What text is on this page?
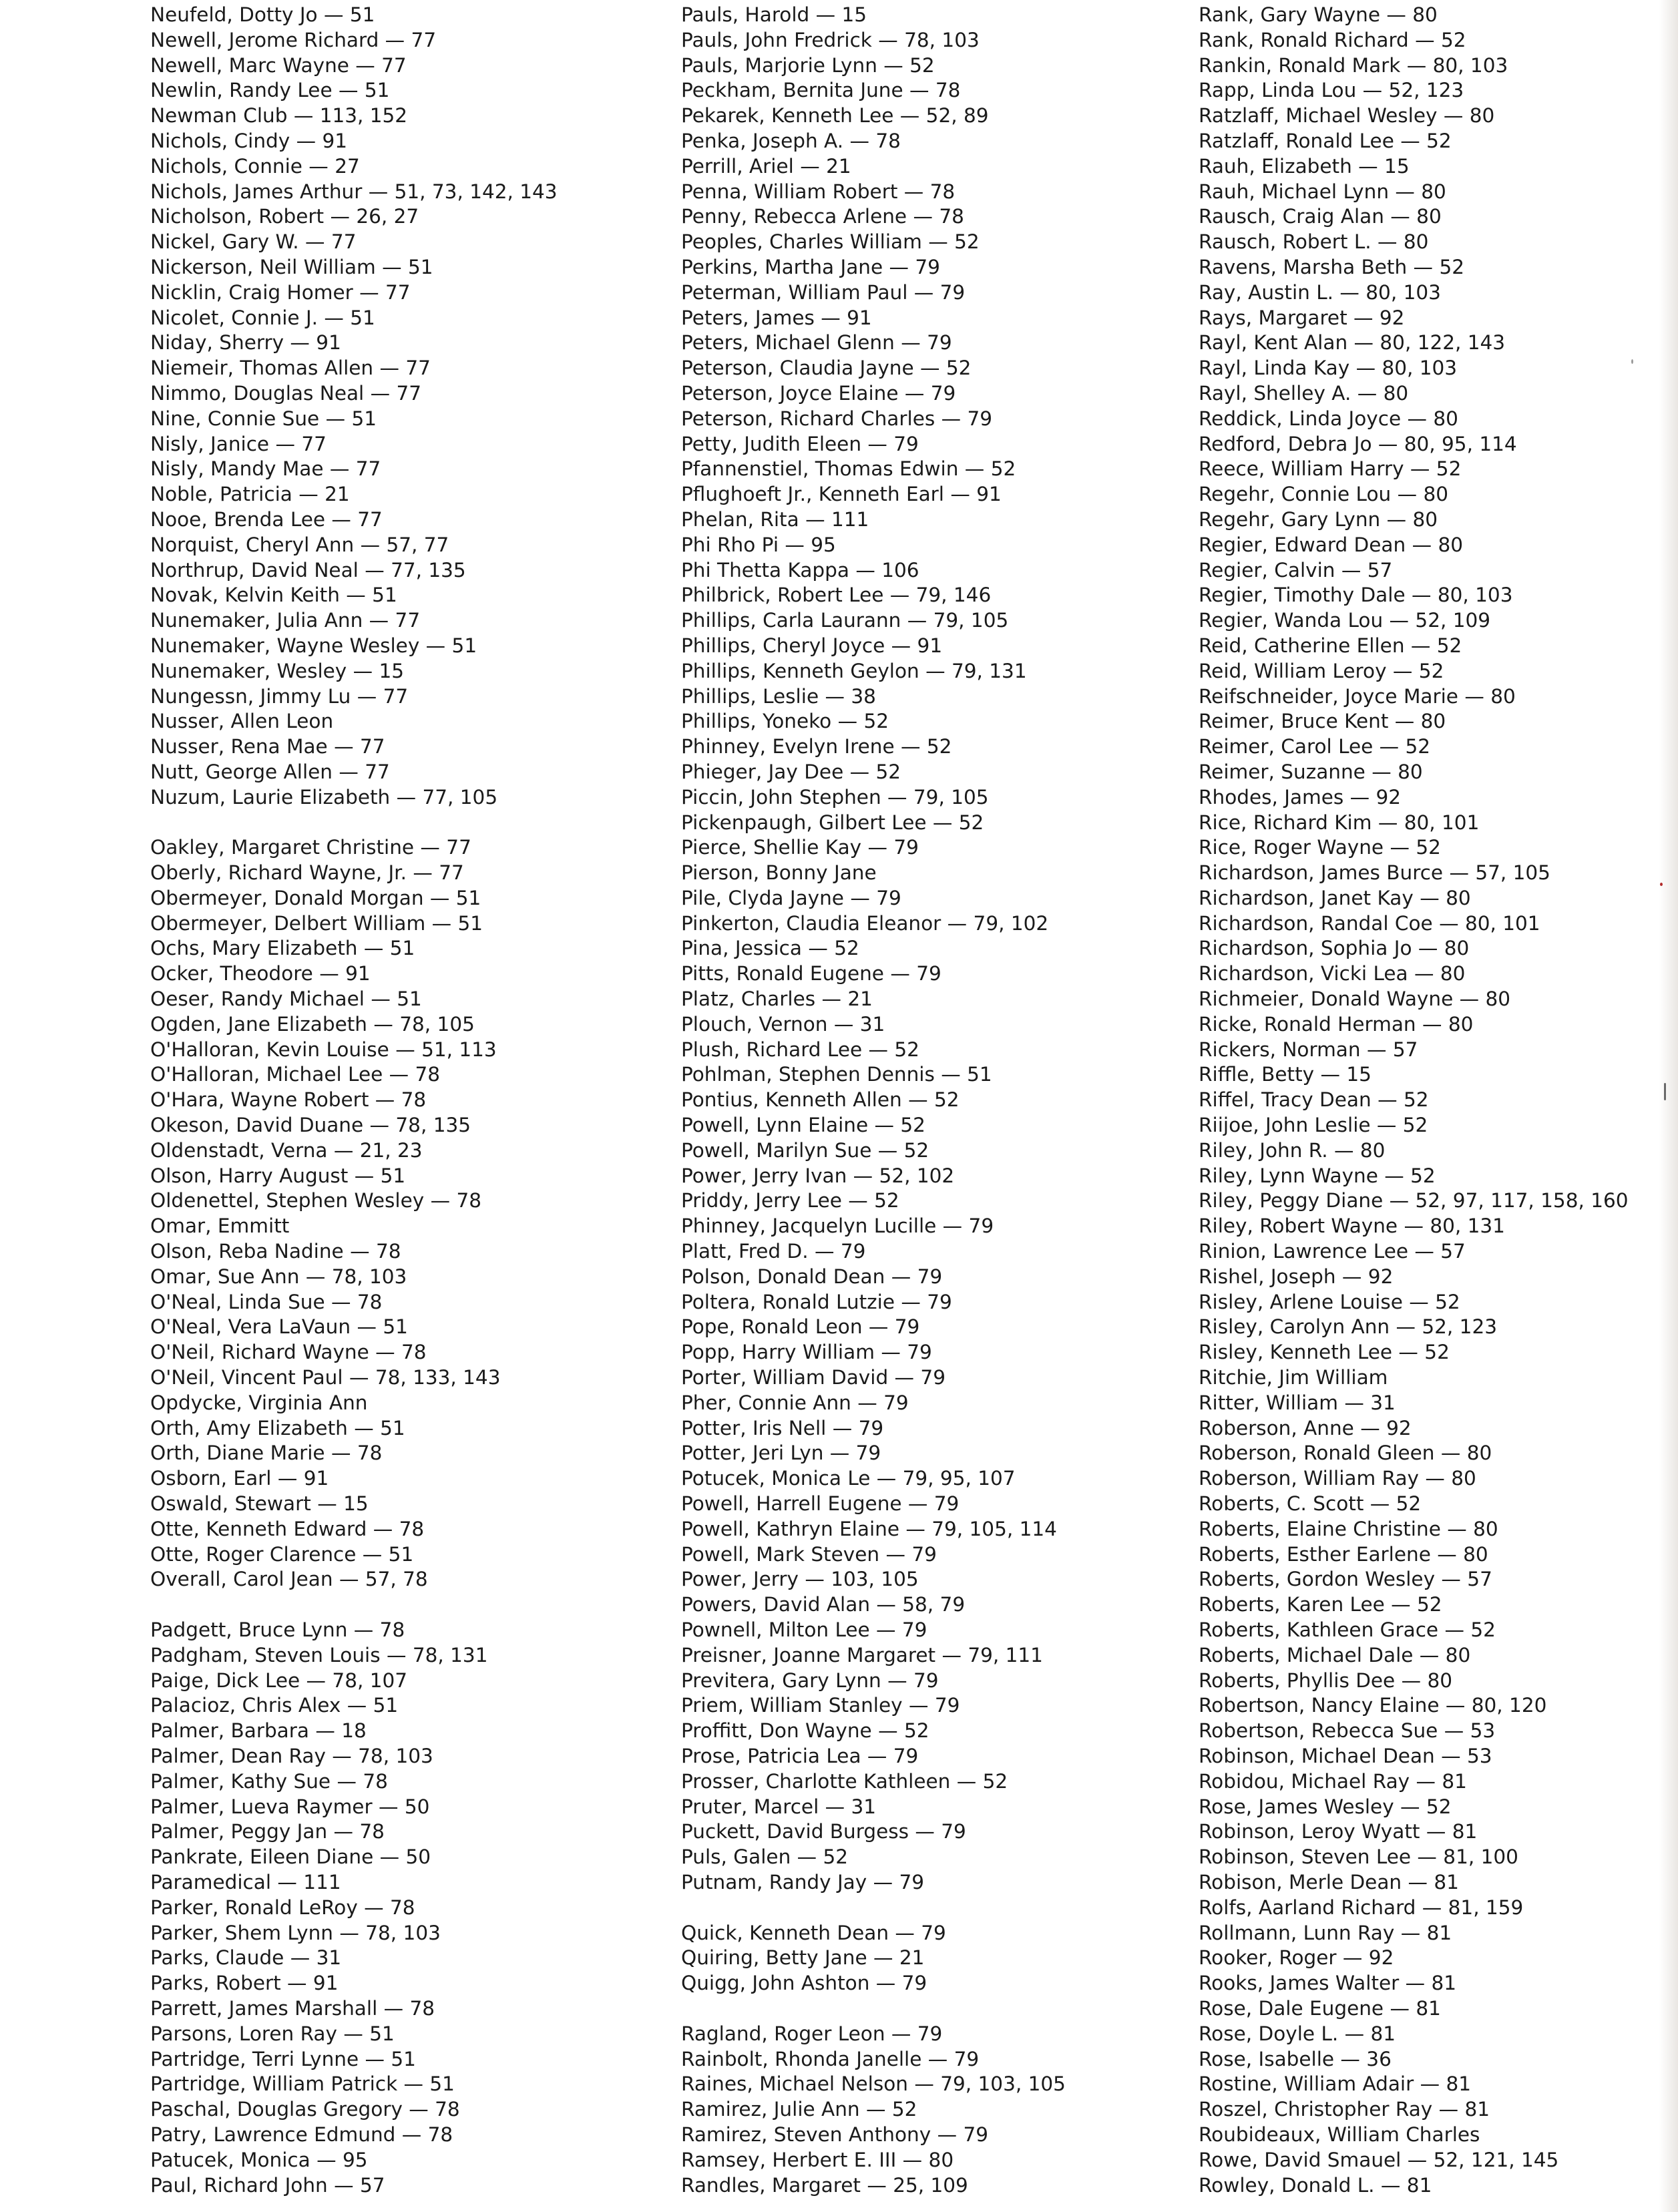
Neufeld, Dotty Jo — 51
Newell, Jerome Richard — 77
Newell, Marc Wayne — 77
Newlin, Randy Lee — 51
Newman Club — 113, 152
Nichols, Cindy — 91
Nichols, Connie — 27
Nichols, James Arthur — 51, 73, 142, 143
Nicholson, Robert — 26, 27
Nickel, Gary W. — 77
Nickerson, Neil William — 51
Nicklin, Craig Homer — 77
Nicolet, Connie J. — 51
Niday, Sherry — 91
Niemeir, Thomas Allen — 77
Nimmo, Douglas Neal — 77
Nine, Connie Sue — 51
Nisly, Janice — 77
Nisly, Mandy Mae — 77
Noble, Patricia — 21
Nooe, Brenda Lee — 77
Norquist, Cheryl Ann — 57, 77
Northrup, David Neal — 77, 135
Novak, Kelvin Keith — 51
Nunemaker, Julia Ann — 77
Nunemaker, Wayne Wesley — 51
Nunemaker, Wesley — 15
Nungessn, Jimmy Lu — 77
Nusser, Allen Leon
Nusser, Rena Mae — 77
Nutt, George Allen — 77
Nuzum, Laurie Elizabeth — 77, 105
Oakley, Margaret Christine — 77
Oberly, Richard Wayne, Jr. — 77
Obermeyer, Donald Morgan — 51
Obermeyer, Delbert William — 51
Ochs, Mary Elizabeth — 51
Ocker, Theodore — 91
Oeser, Randy Michael — 51
Ogden, Jane Elizabeth — 78, 105
O'Halloran, Kevin Louise — 51, 113
O'Halloran, Michael Lee — 78
O'Hara, Wayne Robert — 78
Okeson, David Duane — 78, 135
Oldenstadt, Verna — 21, 23
Olson, Harry August — 51
Oldenettel, Stephen Wesley — 78
Omar, Emmitt
Olson, Reba Nadine — 78
Omar, Sue Ann — 78, 103
O'Neal, Linda Sue — 78
O'Neal, Vera LaVaun — 51
O'Neil, Richard Wayne — 78
O'Neil, Vincent Paul — 78, 133, 143
Opdycke, Virginia Ann
Orth, Amy Elizabeth — 51
Orth, Diane Marie — 78
Osborn, Earl — 91
Oswald, Stewart — 15
Otte, Kenneth Edward — 78
Otte, Roger Clarence — 51
Overall, Carol Jean — 57, 78
Padgett, Bruce Lynn — 78
Padgham, Steven Louis — 78, 131
Paige, Dick Lee — 78, 107
Palacioz, Chris Alex — 51
Palmer, Barbara — 18
Palmer, Dean Ray — 78, 103
Palmer, Kathy Sue — 78
Palmer, Lueva Raymer — 50
Palmer, Peggy Jan — 78
Pankrate, Eileen Diane — 50
Paramedical — 111
Parker, Ronald LeRoy — 78
Parker, Shem Lynn — 78, 103
Parks, Claude — 31
Parks, Robert — 91
Parrett, James Marshall — 78
Parsons, Loren Ray — 51
Partridge, Terri Lynne — 51
Partridge, William Patrick — 51
Paschal, Douglas Gregory — 78
Patry, Lawrence Edmund — 78
Patucek, Monica — 95
Paul, Richard John — 57
Pauls, Harold — 15
Pauls, John Fredrick — 78, 103
Pauls, Marjorie Lynn — 52
Peckham, Bernita June — 78
Pekarek, Kenneth Lee — 52, 89
Penka, Joseph A. — 78
Perrill, Ariel — 21
Penna, William Robert — 78
Penny, Rebecca Arlene — 78
Peoples, Charles William — 52
Perkins, Martha Jane — 79
Peterman, William Paul — 79
Peters, James — 91
Peters, Michael Glenn — 79
Peterson, Claudia Jayne — 52
Peterson, Joyce Elaine — 79
Peterson, Richard Charles — 79
Petty, Judith Eleen — 79
Pfannenstiel, Thomas Edwin — 52
Pflughoeft Jr., Kenneth Earl — 91
Phelan, Rita — 111
Phi Rho Pi — 95
Phi Thetta Kappa — 106
Philbrick, Robert Lee — 79, 146
Phillips, Carla Laurann — 79, 105
Phillips, Cheryl Joyce — 91
Phillips, Kenneth Geylon — 79, 131
Phillips, Leslie — 38
Phillips, Yoneko — 52
Phinney, Evelyn Irene — 52
Phieger, Jay Dee — 52
Piccin, John Stephen — 79, 105
Pickenpaugh, Gilbert Lee — 52
Pierce, Shellie Kay — 79
Pierson, Bonny Jane
Pile, Clyda Jayne — 79
Pinkerton, Claudia Eleanor — 79, 102
Pina, Jessica — 52
Pitts, Ronald Eugene — 79
Platz, Charles — 21
Plouch, Vernon — 31
Plush, Richard Lee — 52
Pohlman, Stephen Dennis — 51
Pontius, Kenneth Allen — 52
Powell, Lynn Elaine — 52
Powell, Marilyn Sue — 52
Power, Jerry Ivan — 52, 102
Priddy, Jerry Lee — 52
Phinney, Jacquelyn Lucille — 79
Platt, Fred D. — 79
Polson, Donald Dean — 79
Poltera, Ronald Lutzie — 79
Pope, Ronald Leon — 79
Popp, Harry William — 79
Porter, William David — 79
Pher, Connie Ann — 79
Potter, Iris Nell — 79
Potter, Jeri Lyn — 79
Potucek, Monica Le — 79, 95, 107
Powell, Harrell Eugene — 79
Powell, Kathryn Elaine — 79, 105, 114
Powell, Mark Steven — 79
Power, Jerry — 103, 105
Powers, David Alan — 58, 79
Pownell, Milton Lee — 79
Preisner, Joanne Margaret — 79, 111
Previtera, Gary Lynn — 79
Priem, William Stanley — 79
Proffitt, Don Wayne — 52
Prose, Patricia Lea — 79
Prosser, Charlotte Kathleen — 52
Pruter, Marcel — 31
Puckett, David Burgess — 79
Puls, Galen — 52
Putnam, Randy Jay — 79
Quick, Kenneth Dean — 79
Quiring, Betty Jane — 21
Quigg, John Ashton — 79
Ragland, Roger Leon — 79
Rainbolt, Rhonda Janelle — 79
Raines, Michael Nelson — 79, 103, 105
Ramirez, Julie Ann — 52
Ramirez, Steven Anthony — 79
Ramsey, Herbert E. III — 80
Randles, Margaret — 25, 109
Rank, Gary Wayne — 80
Rank, Ronald Richard — 52
Rankin, Ronald Mark — 80, 103
Rapp, Linda Lou — 52, 123
Ratzlaff, Michael Wesley — 80
Ratzlaff, Ronald Lee — 52
Rauh, Elizabeth — 15
Rauh, Michael Lynn — 80
Rausch, Craig Alan — 80
Rausch, Robert L. — 80
Ravens, Marsha Beth — 52
Ray, Austin L. — 80, 103
Rays, Margaret — 92
Rayl, Kent Alan — 80, 122, 143
Rayl, Linda Kay — 80, 103
Rayl, Shelley A. — 80
Reddick, Linda Joyce — 80
Redford, Debra Jo — 80, 95, 114
Reece, William Harry — 52
Regehr, Connie Lou — 80
Regehr, Gary Lynn — 80
Regier, Edward Dean — 80
Regier, Calvin — 57
Regier, Timothy Dale — 80, 103
Regier, Wanda Lou — 52, 109
Reid, Catherine Ellen — 52
Reid, William Leroy — 52
Reifschneider, Joyce Marie — 80
Reimer, Bruce Kent — 80
Reimer, Carol Lee — 52
Reimer, Suzanne — 80
Rhodes, James — 92
Rice, Richard Kim — 80, 101
Rice, Roger Wayne — 52
Richardson, James Burce — 57, 105
Richardson, Janet Kay — 80
Richardson, Randal Coe — 80, 101
Richardson, Sophia Jo — 80
Richardson, Vicki Lea — 80
Richmeier, Donald Wayne — 80
Ricke, Ronald Herman — 80
Rickers, Norman — 57
Riffle, Betty — 15
Riffel, Tracy Dean — 52
Riijoe, John Leslie — 52
Riley, John R. — 80
Riley, Lynn Wayne — 52
Riley, Peggy Diane — 52, 97, 117, 158, 160
Riley, Robert Wayne — 80, 131
Rinion, Lawrence Lee — 57
Rishel, Joseph — 92
Risley, Arlene Louise — 52
Risley, Carolyn Ann — 52, 123
Risley, Kenneth Lee — 52
Ritchie, Jim William
Ritter, William — 31
Roberson, Anne — 92
Roberson, Ronald Gleen — 80
Roberson, William Ray — 80
Roberts, C. Scott — 52
Roberts, Elaine Christine — 80
Roberts, Esther Earlene — 80
Roberts, Gordon Wesley — 57
Roberts, Karen Lee — 52
Roberts, Kathleen Grace — 52
Roberts, Michael Dale — 80
Roberts, Phyllis Dee — 80
Robertson, Nancy Elaine — 80, 120
Robertson, Rebecca Sue — 53
Robinson, Michael Dean — 53
Robidou, Michael Ray — 81
Rose, James Wesley — 52
Robinson, Leroy Wyatt — 81
Robinson, Steven Lee — 81, 100
Robison, Merle Dean — 81
Rolfs, Aarland Richard — 81, 159
Rollmann, Lunn Ray — 81
Rooker, Roger — 92
Rooks, James Walter — 81
Rose, Dale Eugene — 81
Rose, Doyle L. — 81
Rose, Isabelle — 36
Rostine, William Adair — 81
Roszel, Christopher Ray — 81
Roubideaux, William Charles
Rowe, David Smauel — 52, 121, 145
Rowley, Donald L. — 81
